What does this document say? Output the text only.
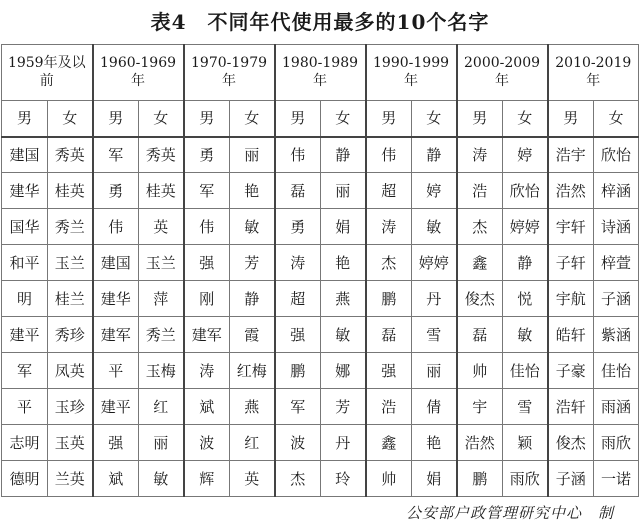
表4　不同年代使用最多的10个名字
1959年及以前		1960-1969年		1970-1979年		1980-1989年		1990-1999年		2000-2009年		2010-2019年	
男	女	男	女	男	女	男	女	男	女	男	女	男	女
建国	秀英	军	秀英	勇	丽	伟	静	伟	静	涛	婷	浩宇	欣怡
建华	桂英	勇	桂英	军	艳	磊	丽	超	婷	浩	欣怡	浩然	梓涵
国华	秀兰	伟	英	伟	敏	勇	娟	涛	敏	杰	婷婷	宇轩	诗涵
和平	玉兰	建国	玉兰	强	芳	涛	艳	杰	婷婷	鑫	静	子轩	梓萱
明	桂兰	建华	萍	刚	静	超	燕	鹏	丹	俊杰	悦	宇航	子涵
建平	秀珍	建军	秀兰	建军	霞	强	敏	磊	雪	磊	敏	皓轩	紫涵
军	凤英	平	玉梅	涛	红梅	鹏	娜	强	丽	帅	佳怡	子豪	佳怡
平	玉珍	建平	红	斌	燕	军	芳	浩	倩	宇	雪	浩轩	雨涵
志明	玉英	强	丽	波	红	波	丹	鑫	艳	浩然	颖	俊杰	雨欣
德明	兰英	斌	敏	辉	英	杰	玲	帅	娟	鹏	雨欣	子涵	一诺
公安部户政管理研究中心　制
